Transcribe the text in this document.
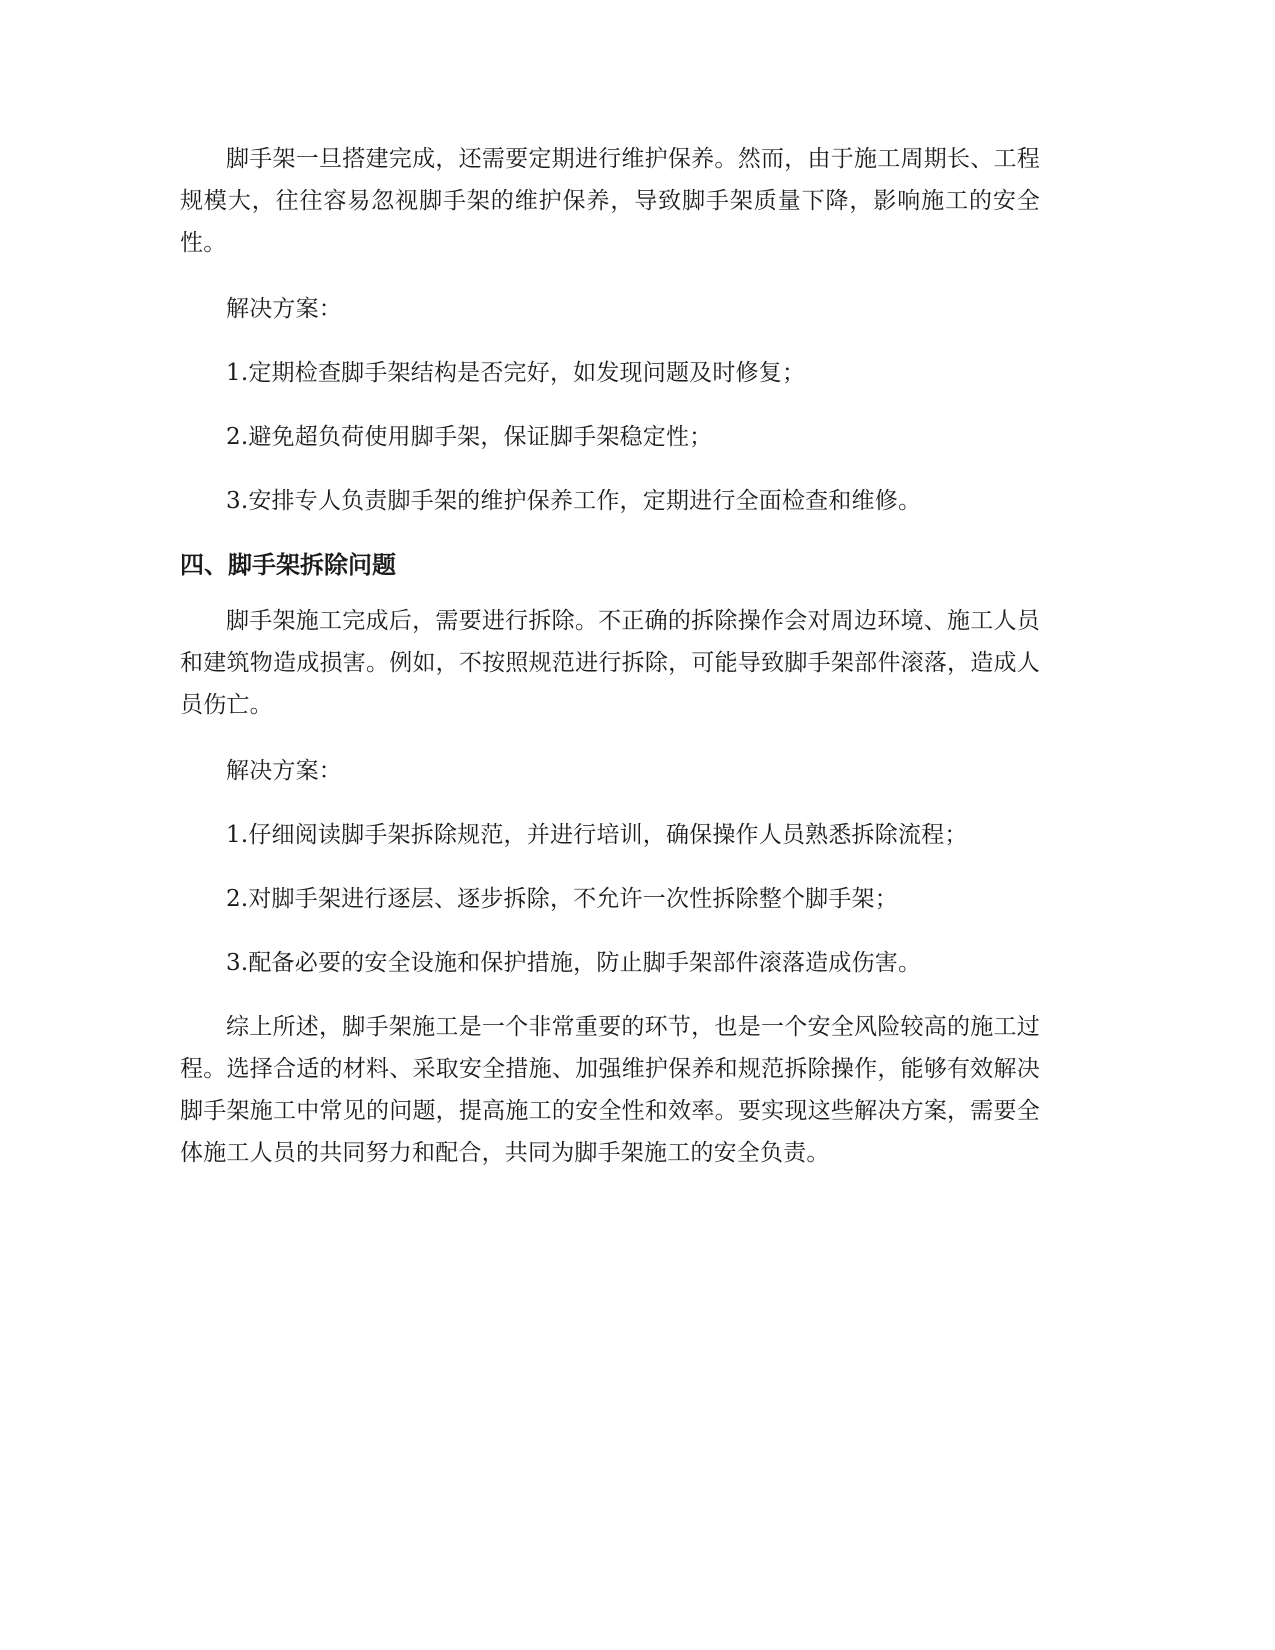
脚手架一旦搭建完成，还需要定期进行维护保养。然而，由于施工周期长、工程规模大，往往容易忽视脚手架的维护保养，导致脚手架质量下降，影响施工的安全性。

解决方案：

1.定期检查脚手架结构是否完好，如发现问题及时修复；

2.避免超负荷使用脚手架，保证脚手架稳定性；

3.安排专人负责脚手架的维护保养工作，定期进行全面检查和维修。

四、脚手架拆除问题

脚手架施工完成后，需要进行拆除。不正确的拆除操作会对周边环境、施工人员和建筑物造成损害。例如，不按照规范进行拆除，可能导致脚手架部件滚落，造成人员伤亡。

解决方案：

1.仔细阅读脚手架拆除规范，并进行培训，确保操作人员熟悉拆除流程；

2.对脚手架进行逐层、逐步拆除，不允许一次性拆除整个脚手架；

3.配备必要的安全设施和保护措施，防止脚手架部件滚落造成伤害。

综上所述，脚手架施工是一个非常重要的环节，也是一个安全风险较高的施工过程。选择合适的材料、采取安全措施、加强维护保养和规范拆除操作，能够有效解决脚手架施工中常见的问题，提高施工的安全性和效率。要实现这些解决方案，需要全体施工人员的共同努力和配合，共同为脚手架施工的安全负责。
